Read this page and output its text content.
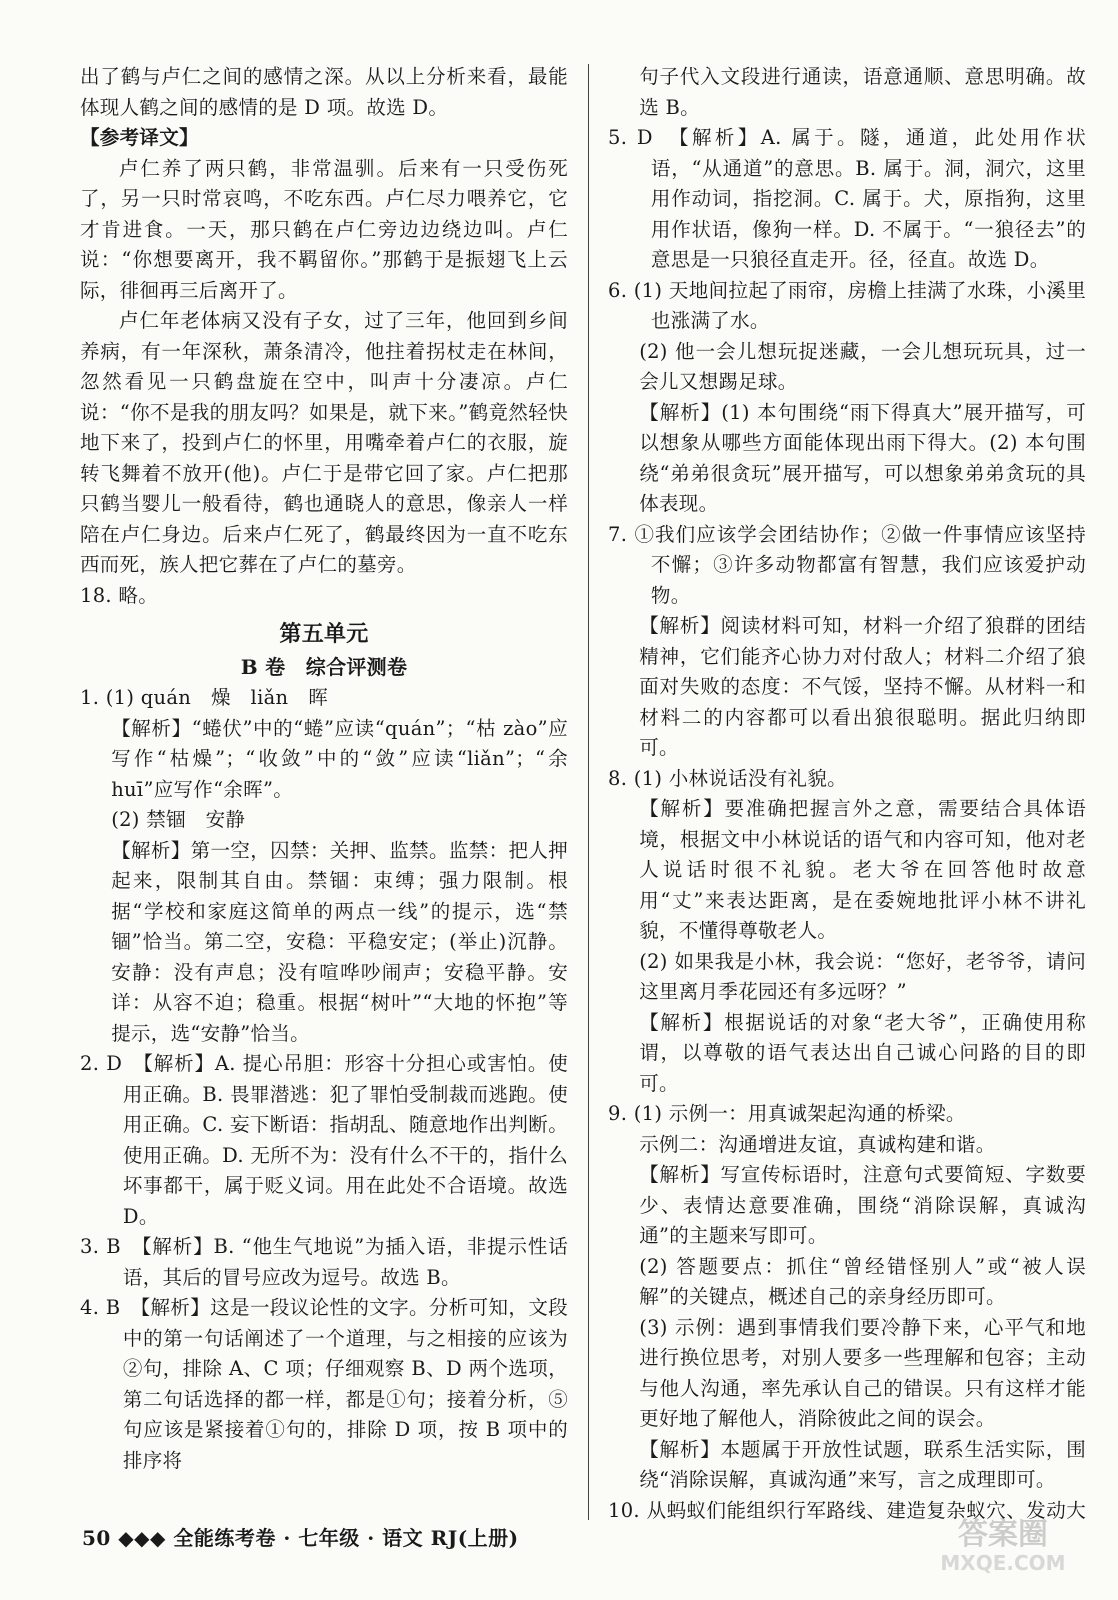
出了鹤与卢仁之间的感情之深。从以上分析来看，最能体现人鹤之间的感情的是 D 项。故选 D。

【参考译文】

卢仁养了两只鹤，非常温驯。后来有一只受伤死了，另一只时常哀鸣，不吃东西。卢仁尽力喂养它，它才肯进食。一天，那只鹤在卢仁旁边边绕边叫。卢仁说：“你想要离开，我不羁留你。”那鹤于是振翅飞上云际，徘徊再三后离开了。

卢仁年老体病又没有子女，过了三年，他回到乡间养病，有一年深秋，萧条清冷，他拄着拐杖走在林间，忽然看见一只鹤盘旋在空中，叫声十分凄凉。卢仁说：“你不是我的朋友吗？如果是，就下来。”鹤竟然轻快地下来了，投到卢仁的怀里，用嘴牵着卢仁的衣服，旋转飞舞着不放开(他)。卢仁于是带它回了家。卢仁把那只鹤当婴儿一般看待，鹤也通晓人的意思，像亲人一样陪在卢仁身边。后来卢仁死了，鹤最终因为一直不吃东西而死，族人把它葬在了卢仁的墓旁。

18. 略。

第五单元

B 卷　综合评测卷

1. (1) quán　燥　liǎn　晖

【解析】“蜷伏”中的“蜷”应读“quán”；“枯 zào”应写作“枯燥”；“收敛”中的“敛”应读“liǎn”；“余 huī”应写作“余晖”。

(2) 禁锢　安静

【解析】第一空，囚禁：关押、监禁。监禁：把人押起来，限制其自由。禁锢：束缚；强力限制。根据“学校和家庭这简单的两点一线”的提示，选“禁锢”恰当。第二空，安稳：平稳安定；(举止)沉静。安静：没有声息；没有喧哗吵闹声；安稳平静。安详：从容不迫；稳重。根据“树叶”“大地的怀抱”等提示，选“安静”恰当。

2. D　【解析】A. 提心吊胆：形容十分担心或害怕。使用正确。B. 畏罪潜逃：犯了罪怕受制裁而逃跑。使用正确。C. 妄下断语：指胡乱、随意地作出判断。使用正确。D. 无所不为：没有什么不干的，指什么坏事都干，属于贬义词。用在此处不合语境。故选 D。

3. B　【解析】B. “他生气地说”为插入语，非提示性话语，其后的冒号应改为逗号。故选 B。

4. B　【解析】这是一段议论性的文字。分析可知，文段中的第一句话阐述了一个道理，与之相接的应该为②句，排除 A、C 项；仔细观察 B、D 两个选项，第二句话选择的都一样，都是①句；接着分析，⑤句应该是紧接着①句的，排除 D 项，按 B 项中的排序将

句子代入文段进行通读，语意通顺、意思明确。故选 B。

5. D　【解析】A. 属于。隧，通道，此处用作状语，“从通道”的意思。B. 属于。洞，洞穴，这里用作动词，指挖洞。C. 属于。犬，原指狗，这里用作状语，像狗一样。D. 不属于。“一狼径去”的意思是一只狼径直走开。径，径直。故选 D。

6. (1) 天地间拉起了雨帘，房檐上挂满了水珠，小溪里也涨满了水。

(2) 他一会儿想玩捉迷藏，一会儿想玩玩具，过一会儿又想踢足球。

【解析】(1) 本句围绕“雨下得真大”展开描写，可以想象从哪些方面能体现出雨下得大。(2) 本句围绕“弟弟很贪玩”展开描写，可以想象弟弟贪玩的具体表现。

7. ①我们应该学会团结协作；②做一件事情应该坚持不懈；③许多动物都富有智慧，我们应该爱护动物。

【解析】阅读材料可知，材料一介绍了狼群的团结精神，它们能齐心协力对付敌人；材料二介绍了狼面对失败的态度：不气馁，坚持不懈。从材料一和材料二的内容都可以看出狼很聪明。据此归纳即可。

8. (1) 小林说话没有礼貌。

【解析】要准确把握言外之意，需要结合具体语境，根据文中小林说话的语气和内容可知，他对老人说话时很不礼貌。老大爷在回答他时故意用“丈”来表达距离，是在委婉地批评小林不讲礼貌，不懂得尊敬老人。

(2) 如果我是小林，我会说：“您好，老爷爷，请问这里离月季花园还有多远呀？”

【解析】根据说话的对象“老大爷”，正确使用称谓，以尊敬的语气表达出自己诚心问路的目的即可。

9. (1) 示例一：用真诚架起沟通的桥梁。

示例二：沟通增进友谊，真诚构建和谐。

【解析】写宣传标语时，注意句式要简短、字数要少、表情达意要准确，围绕“消除误解，真诚沟通”的主题来写即可。

(2) 答题要点：抓住“曾经错怪别人”或“被人误解”的关键点，概述自己的亲身经历即可。

(3) 示例：遇到事情我们要冷静下来，心平气和地进行换位思考，对别人要多一些理解和包容；主动与他人沟通，率先承认自己的错误。只有这样才能更好地了解他人，消除彼此之间的误会。

【解析】本题属于开放性试题，联系生活实际，围绕“消除误解，真诚沟通”来写，言之成理即可。

10. 从蚂蚁们能组织行军路线、建造复杂蚁穴、发动大

50 ◆◆◆ 全能练考卷 · 七年级 · 语文 RJ(上册)	答案圈
MXQE.COM
